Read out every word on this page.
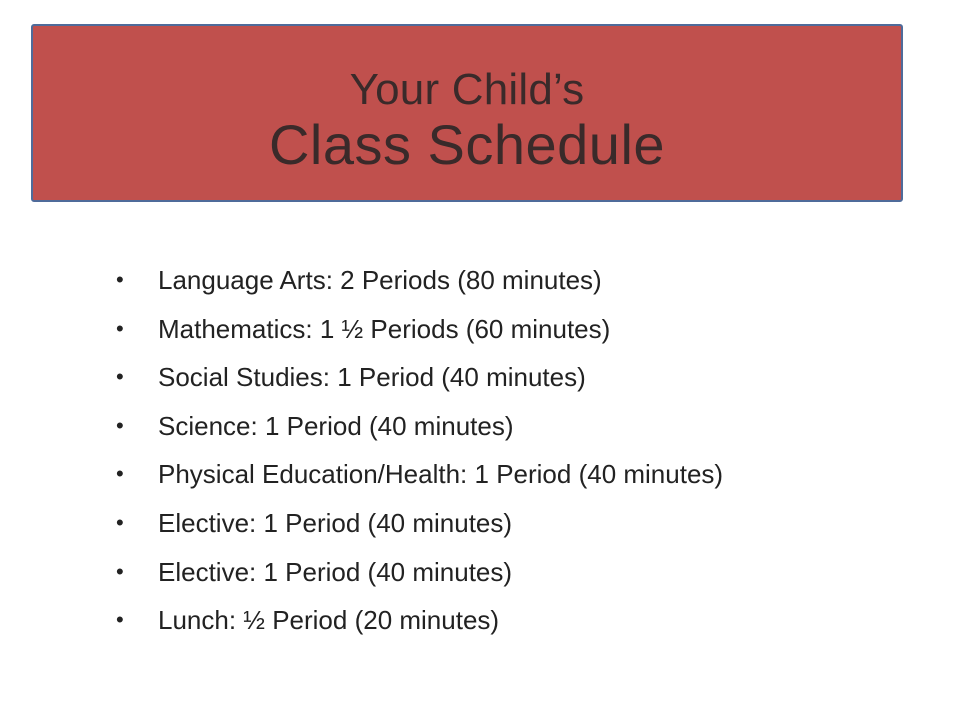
Your Child’s
Class Schedule
• Language Arts: 2 Periods (80 minutes)
• Mathematics: 1 ½ Periods (60 minutes)
• Social Studies: 1 Period (40 minutes)
• Science: 1 Period (40 minutes)
• Physical Education/Health: 1 Period (40 minutes)
• Elective: 1 Period (40 minutes)
• Elective: 1 Period (40 minutes)
• Lunch: ½ Period (20 minutes)
